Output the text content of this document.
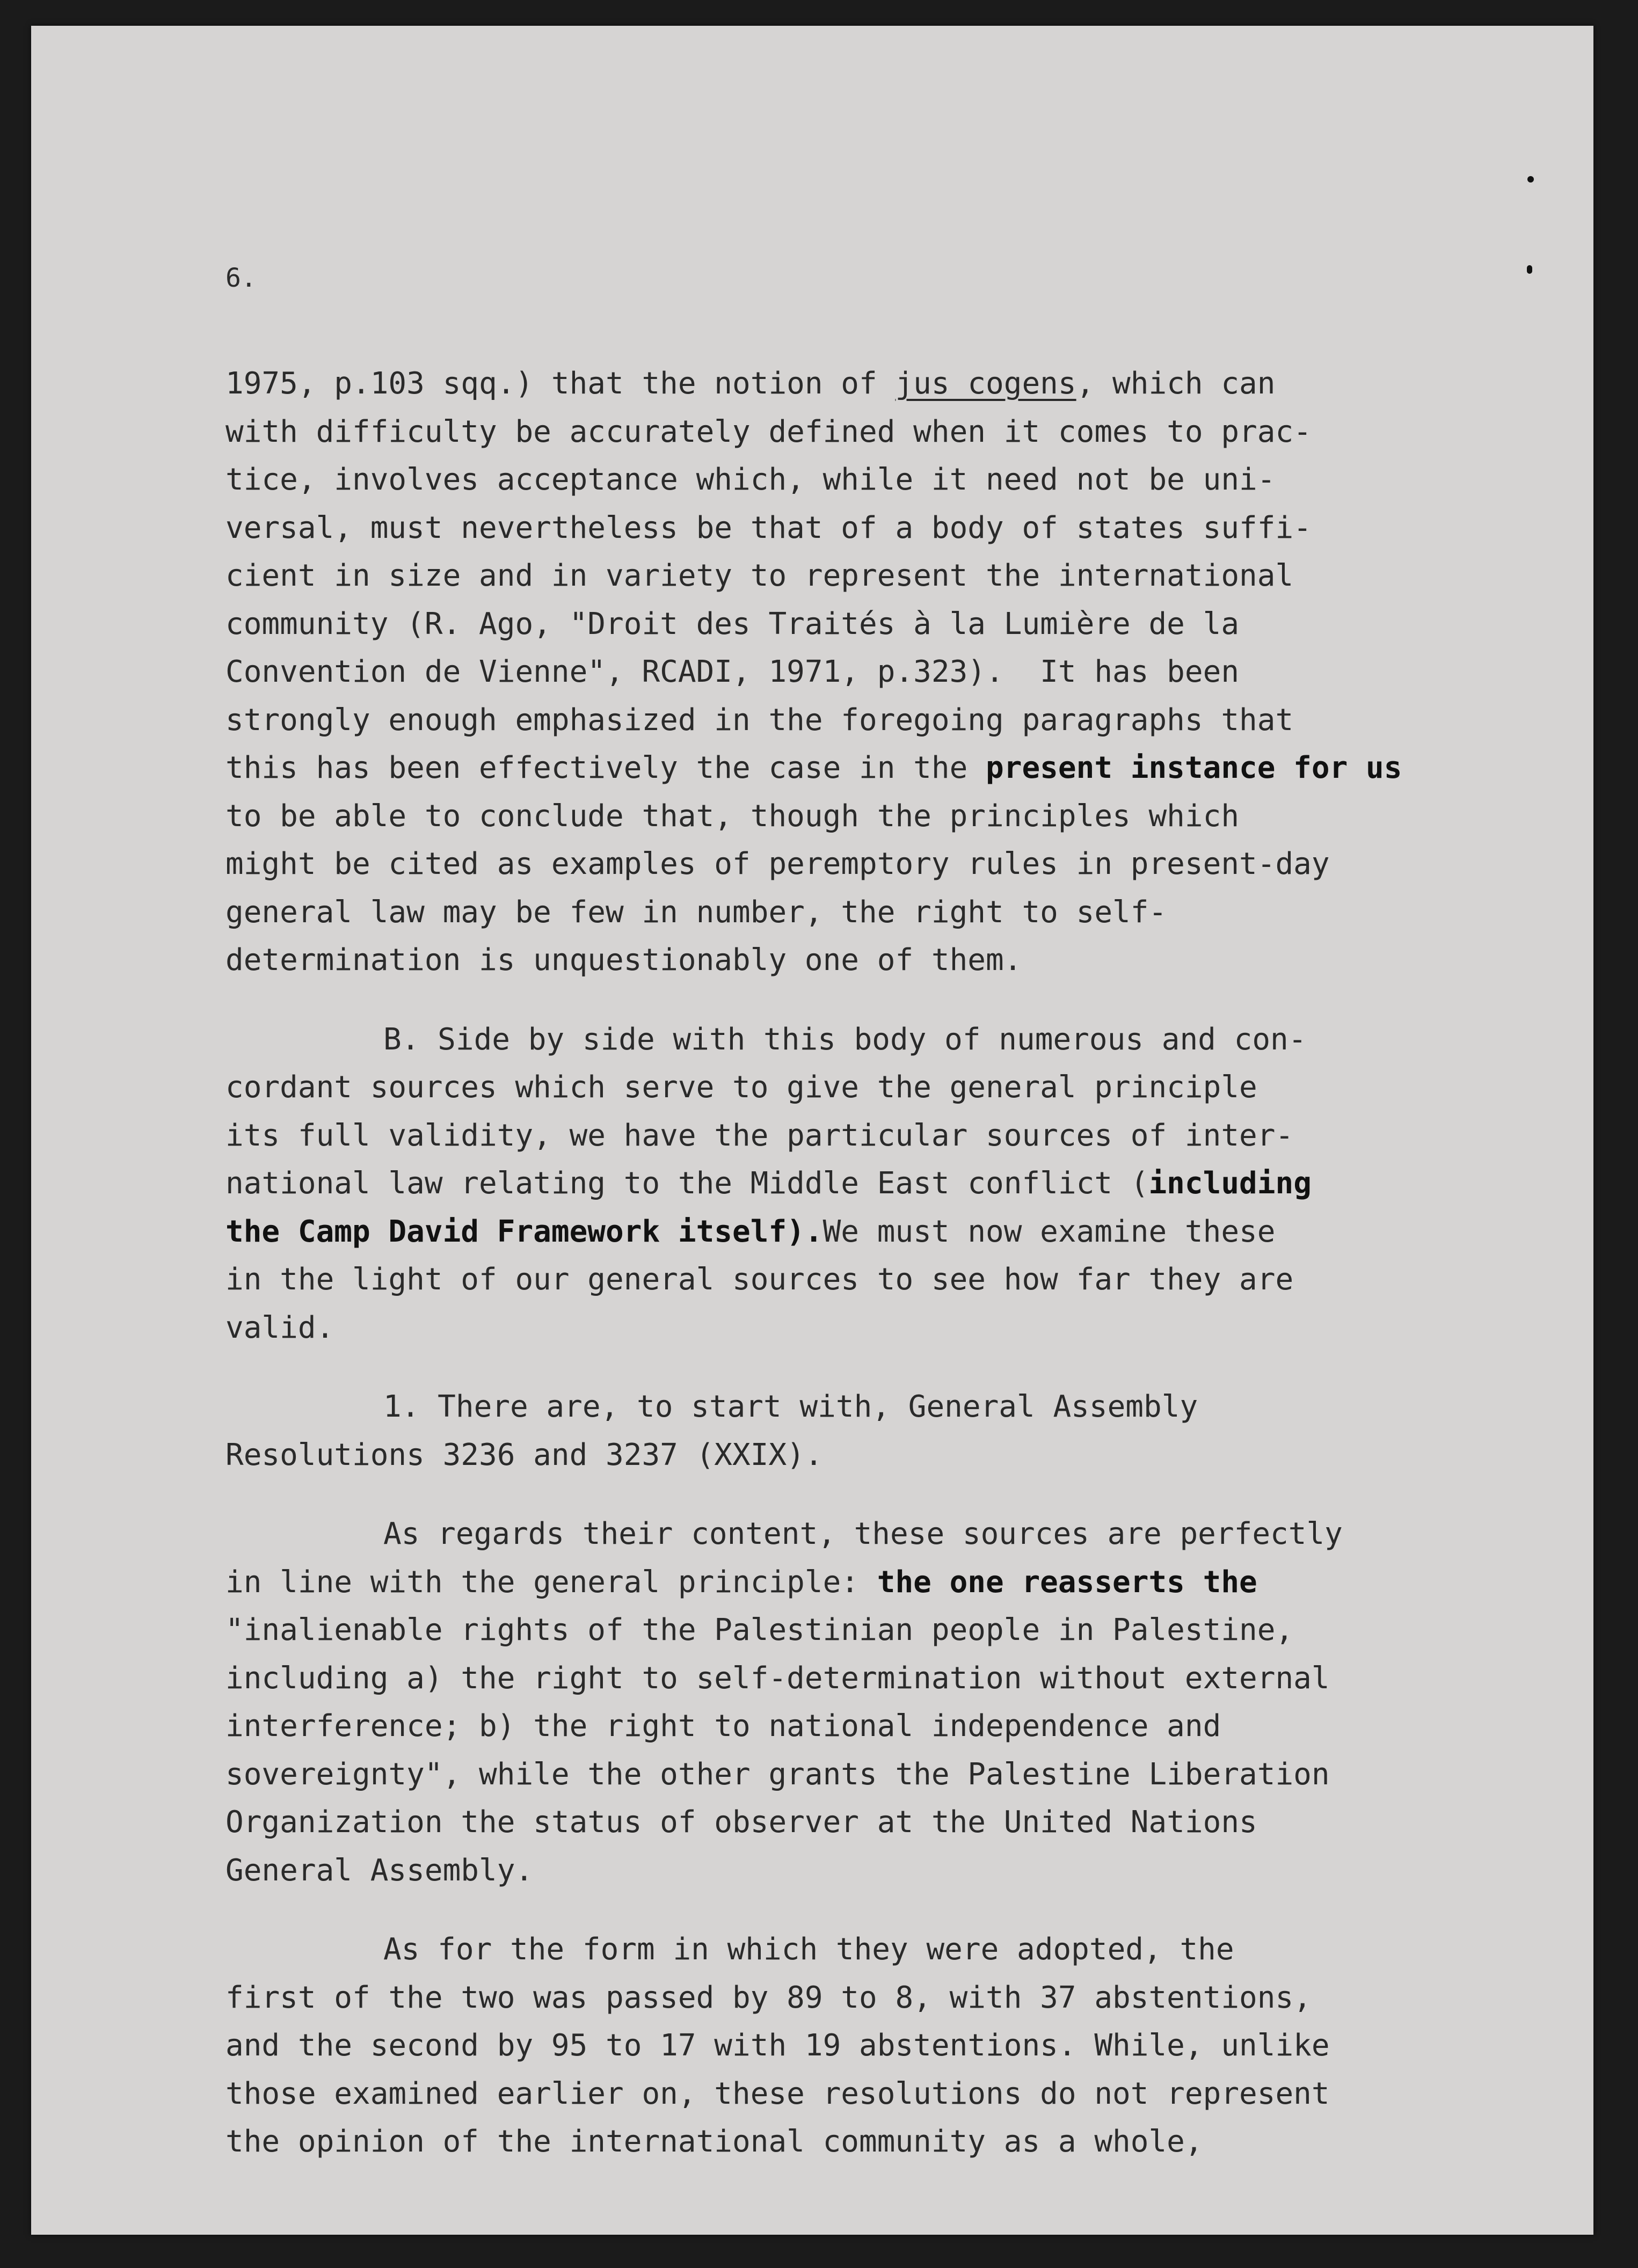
6.

1975, p.103 sqq.) that the notion of jus cogens, which can
with difficulty be accurately defined when it comes to prac-
tice, involves acceptance which, while it need not be uni-
versal, must nevertheless be that of a body of states suffi-
cient in size and in variety to represent the international
community (R. Ago, "Droit des Traités à la Lumière de la
Convention de Vienne", RCADI, 1971, p.323).  It has been
strongly enough emphasized in the foregoing paragraphs that
this has been effectively the case in the present instance for us
to be able to conclude that, though the principles which
might be cited as examples of peremptory rules in present-day
general law may be few in number, the right to self-
determination is unquestionably one of them.

B. Side by side with this body of numerous and con-
cordant sources which serve to give the general principle
its full validity, we have the particular sources of inter-
national law relating to the Middle East conflict (including
the Camp David Framework itself).We must now examine these
in the light of our general sources to see how far they are
valid.

1. There are, to start with, General Assembly
Resolutions 3236 and 3237 (XXIX).

As regards their content, these sources are perfectly
in line with the general principle: the one reasserts the
"inalienable rights of the Palestinian people in Palestine,
including a) the right to self-determination without external
interference; b) the right to national independence and
sovereignty", while the other grants the Palestine Liberation
Organization the status of observer at the United Nations
General Assembly.

As for the form in which they were adopted, the
first of the two was passed by 89 to 8, with 37 abstentions,
and the second by 95 to 17 with 19 abstentions. While, unlike
those examined earlier on, these resolutions do not represent
the opinion of the international community as a whole,
